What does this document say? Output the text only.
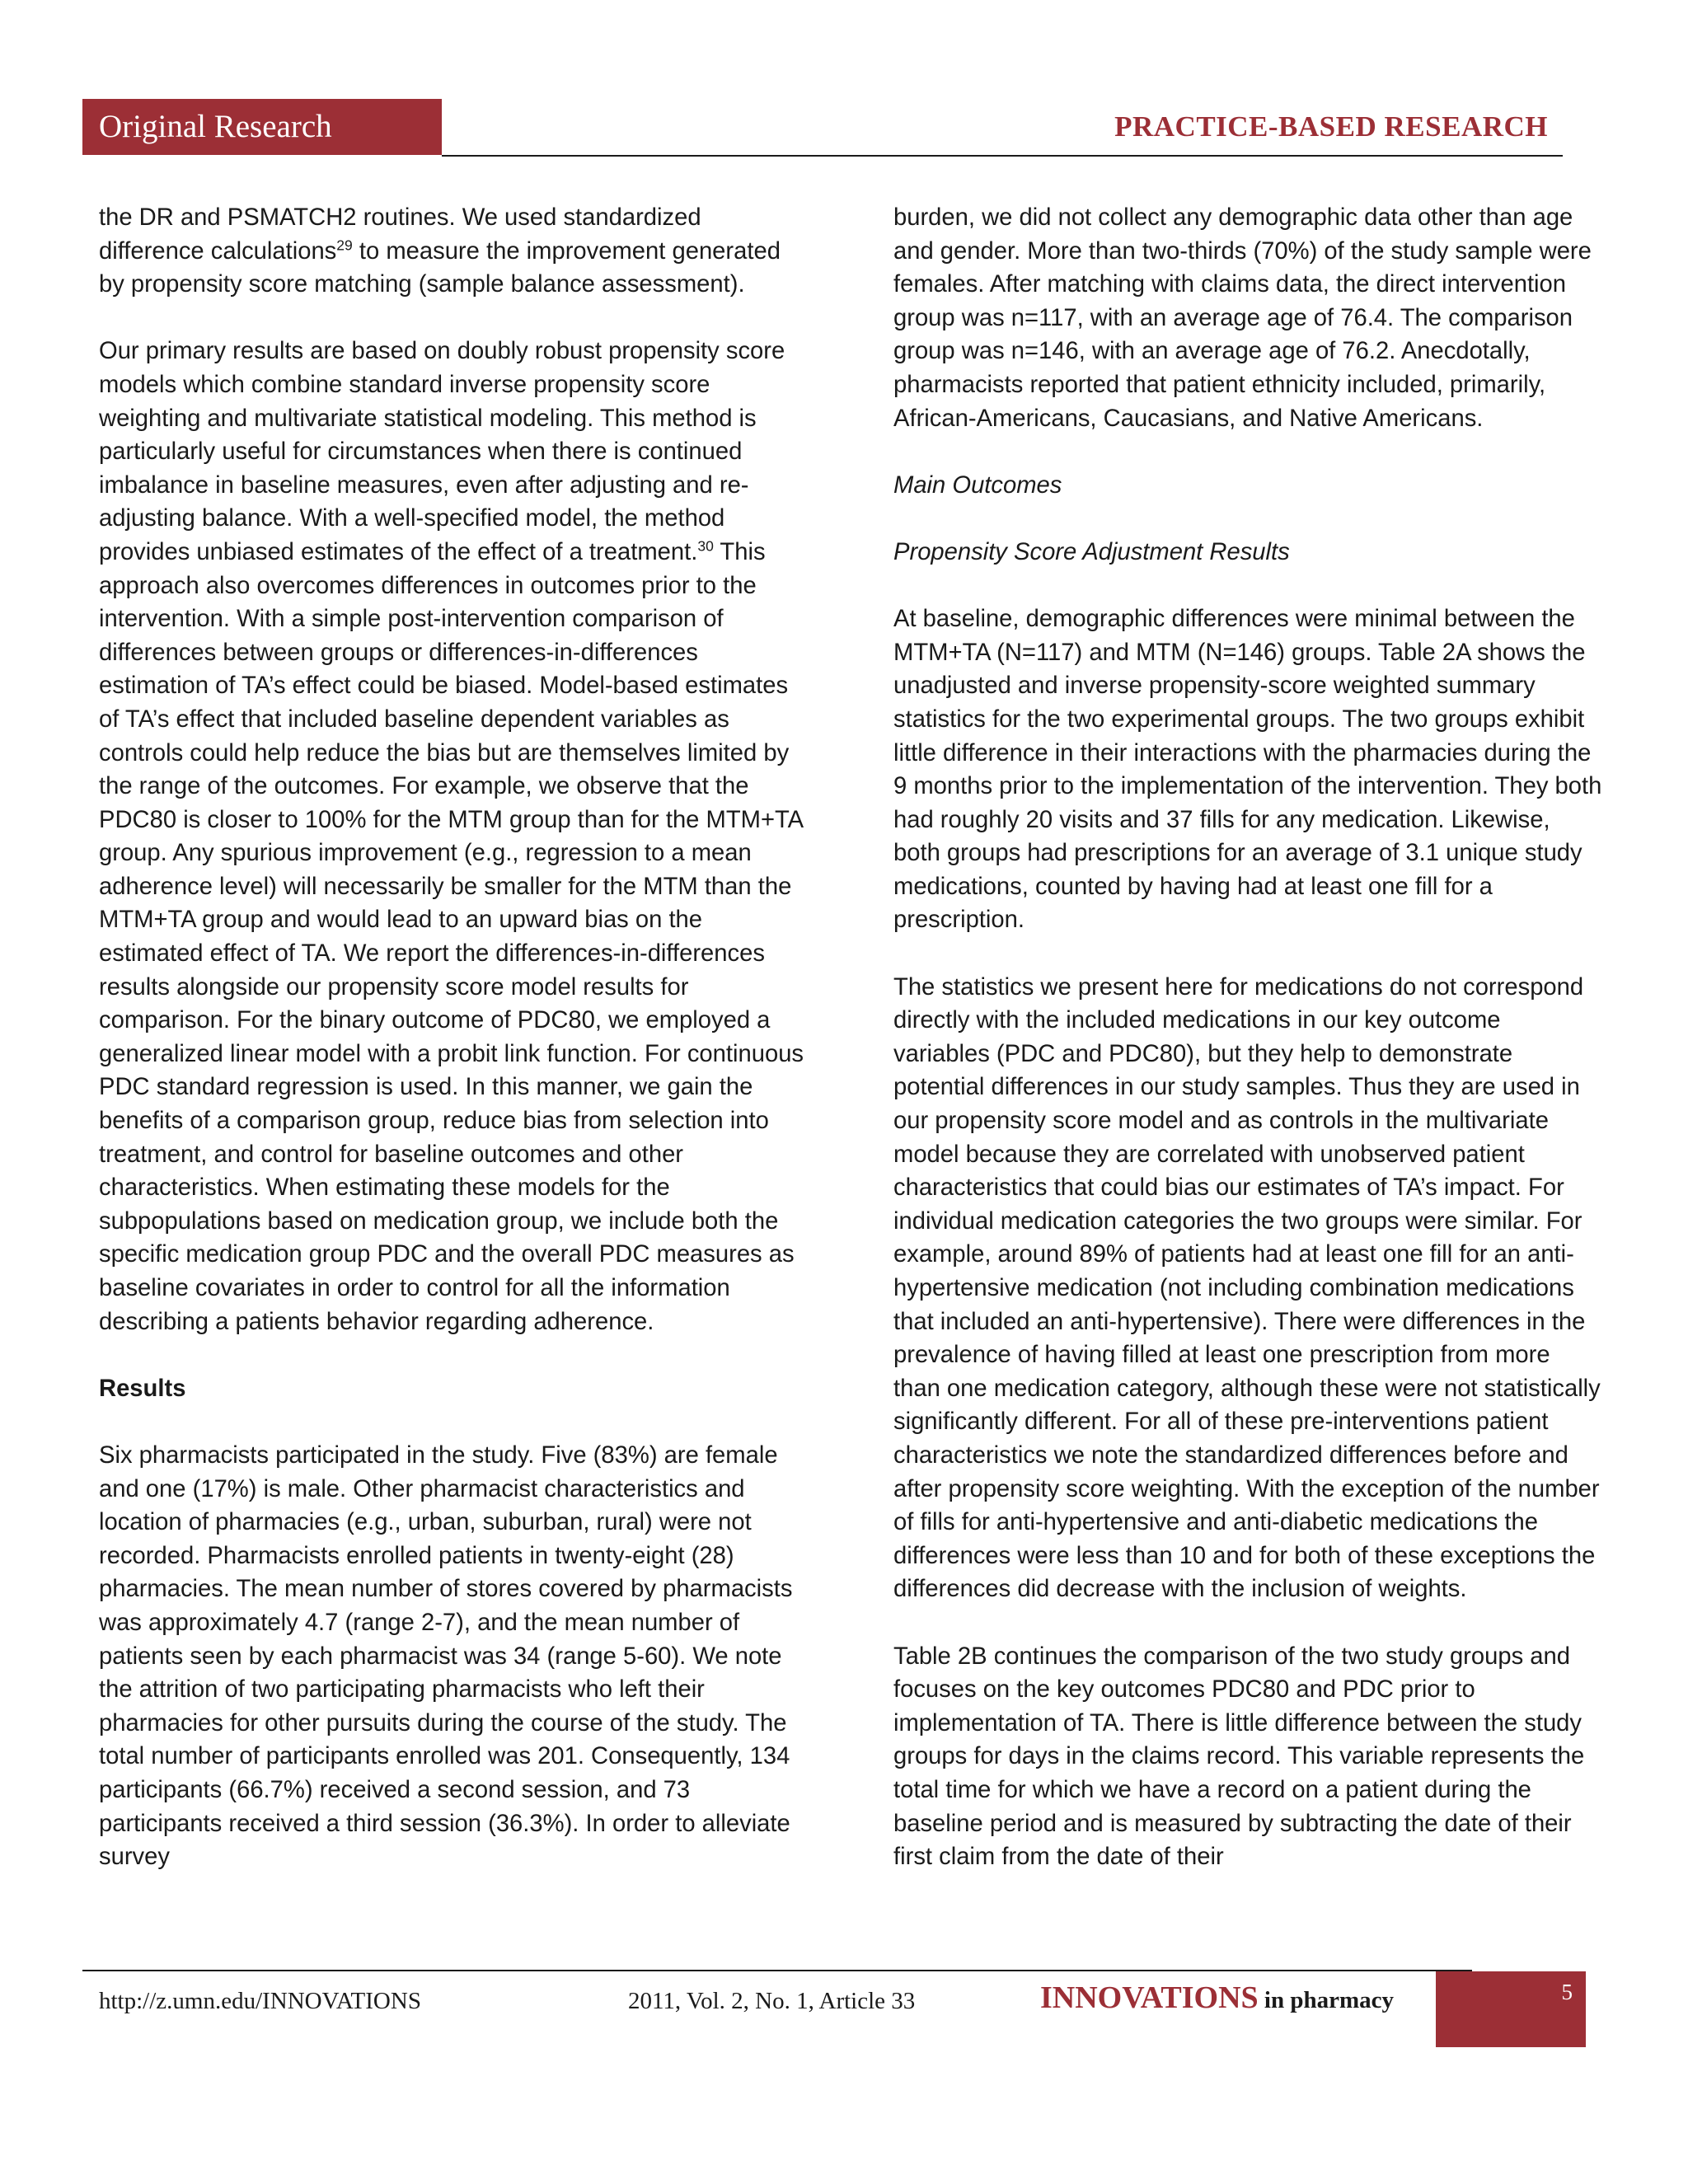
Original Research	PRACTICE-BASED RESEARCH

the DR and PSMATCH2 routines. We used standardized difference calculations$^{29}$ to measure the improvement generated by propensity score matching (sample balance assessment).

Our primary results are based on doubly robust propensity score models which combine standard inverse propensity score weighting and multivariate statistical modeling. This method is particularly useful for circumstances when there is continued imbalance in baseline measures, even after adjusting and re-adjusting balance. With a well-specified model, the method provides unbiased estimates of the effect of a treatment.$^{30}$ This approach also overcomes differences in outcomes prior to the intervention. With a simple post-intervention comparison of differences between groups or differences-in-differences estimation of TA’s effect could be biased. Model-based estimates of TA’s effect that included baseline dependent variables as controls could help reduce the bias but are themselves limited by the range of the outcomes. For example, we observe that the PDC80 is closer to 100% for the MTM group than for the MTM+TA group. Any spurious improvement (e.g., regression to a mean adherence level) will necessarily be smaller for the MTM than the MTM+TA group and would lead to an upward bias on the estimated effect of TA. We report the differences-in-differences results alongside our propensity score model results for comparison. For the binary outcome of PDC80, we employed a generalized linear model with a probit link function. For continuous PDC standard regression is used. In this manner, we gain the benefits of a comparison group, reduce bias from selection into treatment, and control for baseline outcomes and other characteristics. When estimating these models for the subpopulations based on medication group, we include both the specific medication group PDC and the overall PDC measures as baseline covariates in order to control for all the information describing a patients behavior regarding adherence.

Results

Six pharmacists participated in the study. Five (83%) are female and one (17%) is male. Other pharmacist characteristics and location of pharmacies (e.g., urban, suburban, rural) were not recorded. Pharmacists enrolled patients in twenty-eight (28) pharmacies. The mean number of stores covered by pharmacists was approximately 4.7 (range 2-7), and the mean number of patients seen by each pharmacist was 34 (range 5-60). We note the attrition of two participating pharmacists who left their pharmacies for other pursuits during the course of the study. The total number of participants enrolled was 201. Consequently, 134 participants (66.7%) received a second session, and 73 participants received a third session (36.3%). In order to alleviate survey

burden, we did not collect any demographic data other than age and gender. More than two-thirds (70%) of the study sample were females. After matching with claims data, the direct intervention group was n=117, with an average age of 76.4. The comparison group was n=146, with an average age of 76.2. Anecdotally, pharmacists reported that patient ethnicity included, primarily, African-Americans, Caucasians, and Native Americans.

Main Outcomes

Propensity Score Adjustment Results

At baseline, demographic differences were minimal between the MTM+TA (N=117) and MTM (N=146) groups. Table 2A shows the unadjusted and inverse propensity-score weighted summary statistics for the two experimental groups. The two groups exhibit little difference in their interactions with the pharmacies during the 9 months prior to the implementation of the intervention. They both had roughly 20 visits and 37 fills for any medication. Likewise, both groups had prescriptions for an average of 3.1 unique study medications, counted by having had at least one fill for a prescription.

The statistics we present here for medications do not correspond directly with the included medications in our key outcome variables (PDC and PDC80), but they help to demonstrate potential differences in our study samples. Thus they are used in our propensity score model and as controls in the multivariate model because they are correlated with unobserved patient characteristics that could bias our estimates of TA’s impact. For individual medication categories the two groups were similar. For example, around 89% of patients had at least one fill for an anti-hypertensive medication (not including combination medications that included an anti-hypertensive). There were differences in the prevalence of having filled at least one prescription from more than one medication category, although these were not statistically significantly different. For all of these pre-interventions patient characteristics we note the standardized differences before and after propensity score weighting. With the exception of the number of fills for anti-hypertensive and anti-diabetic medications the differences were less than 10 and for both of these exceptions the differences did decrease with the inclusion of weights.

Table 2B continues the comparison of the two study groups and focuses on the key outcomes PDC80 and PDC prior to implementation of TA. There is little difference between the study groups for days in the claims record. This variable represents the total time for which we have a record on a patient during the baseline period and is measured by subtracting the date of their first claim from the date of their

http://z.umn.edu/INNOVATIONS	2011, Vol. 2, No. 1, Article 33	INNOVATIONS in pharmacy	5
